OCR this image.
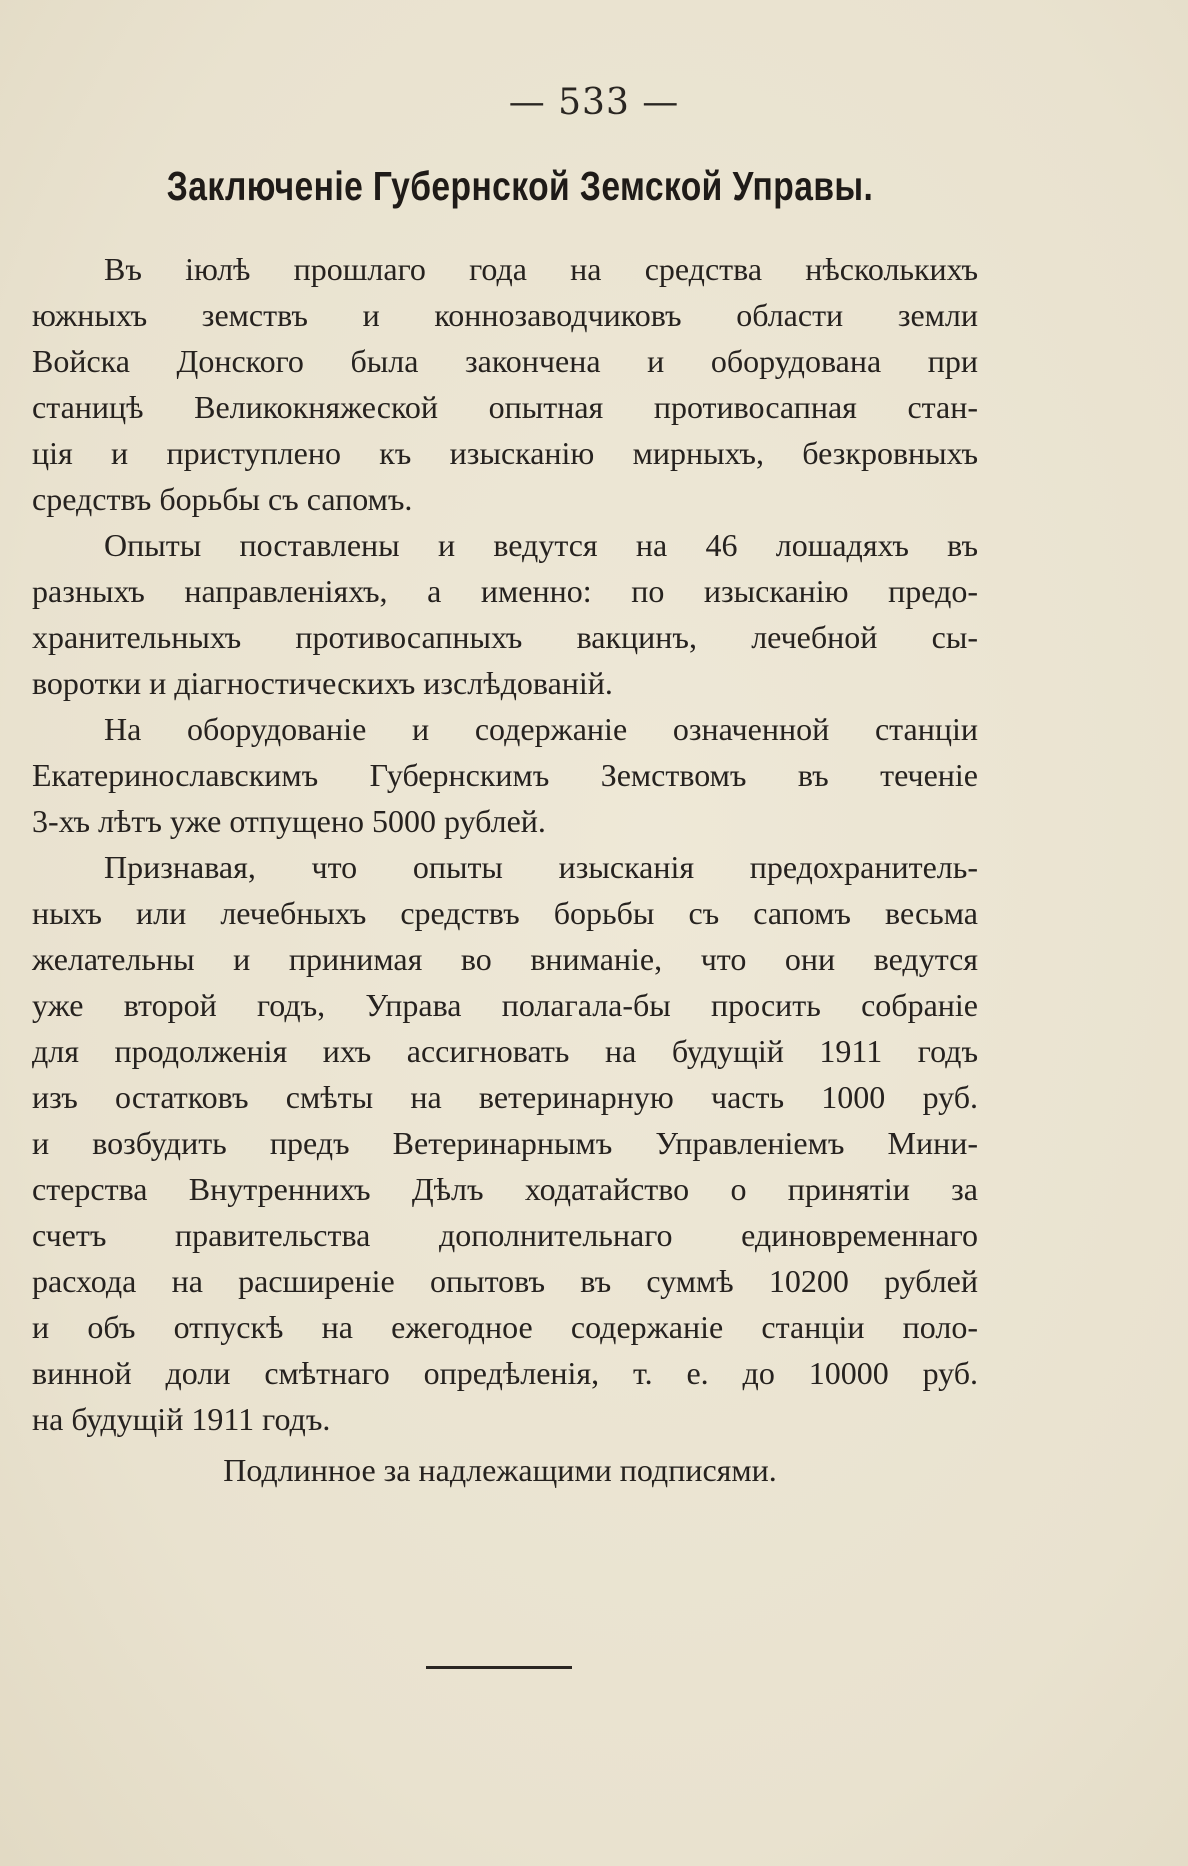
— 533 —
Заключеніе Губернской Земской Управы.
Въ іюлѣ прошлаго года на средства нѣсколькихъ
южныхъ земствъ и коннозаводчиковъ области земли
Войска Донского была закончена и оборудована при
станицѣ Великокняжеской опытная противосапная стан-
ція и приступлено къ изысканію мирныхъ, безкровныхъ
средствъ борьбы съ сапомъ.
Опыты поставлены и ведутся на 46 лошадяхъ въ
разныхъ направленіяхъ, а именно: по изысканію предо-
хранительныхъ противосапныхъ вакцинъ, лечебной сы-
воротки и діагностическихъ изслѣдованій.
На оборудованіе и содержаніе означенной станціи
Екатеринославскимъ Губернскимъ Земствомъ въ теченіе
3-хъ лѣтъ уже отпущено 5000 рублей.
Признавая, что опыты изысканія предохранитель-
ныхъ или лечебныхъ средствъ борьбы съ сапомъ весьма
желательны и принимая во вниманіе, что они ведутся
уже второй годъ, Управа полагала-бы просить собраніе
для продолженія ихъ ассигновать на будущій 1911 годъ
изъ остатковъ смѣты на ветеринарную часть 1000 руб.
и возбудить предъ Ветеринарнымъ Управленіемъ Мини-
стерства Внутреннихъ Дѣлъ ходатайство о принятіи за
счетъ правительства дополнительнаго единовременнаго
расхода на расширеніе опытовъ въ суммѣ 10200 рублей
и объ отпускѣ на ежегодное содержаніе станціи поло-
винной доли смѣтнаго опредѣленія, т. е. до 10000 руб.
на будущій 1911 годъ.
Подлинное за надлежащими подписями.
